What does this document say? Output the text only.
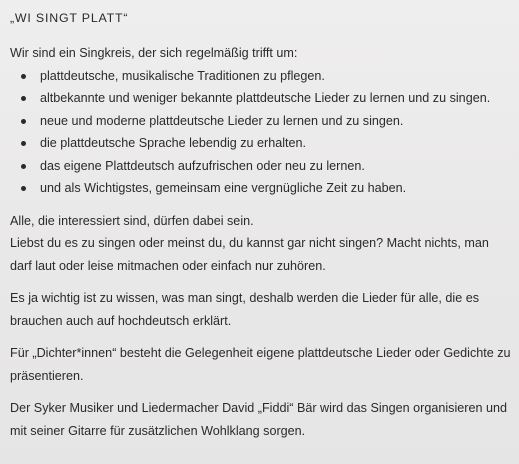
„WI SINGT PLATT“

Wir sind ein Singkreis, der sich regelmäßig trifft um:

plattdeutsche, musikalische Traditionen zu pflegen.
altbekannte und weniger bekannte plattdeutsche Lieder zu lernen und zu singen.
neue und moderne plattdeutsche Lieder zu lernen und zu singen.
die plattdeutsche Sprache lebendig zu erhalten.
das eigene Plattdeutsch aufzufrischen oder neu zu lernen.
und als Wichtigstes, gemeinsam eine vergnügliche Zeit zu haben.

Alle, die interessiert sind, dürfen dabei sein.

Liebst du es zu singen oder meinst du, du kannst gar nicht singen? Macht nichts, man

darf laut oder leise mitmachen oder einfach nur zuhören.

Es ja wichtig ist zu wissen, was man singt, deshalb werden die Lieder für alle, die es

brauchen auch auf hochdeutsch erklärt.

Für „Dichter*innen“ besteht die Gelegenheit eigene plattdeutsche Lieder oder Gedichte zu

präsentieren.

Der Syker Musiker und Liedermacher David „Fiddi“ Bär wird das Singen organisieren und

mit seiner Gitarre für zusätzlichen Wohlklang sorgen.
